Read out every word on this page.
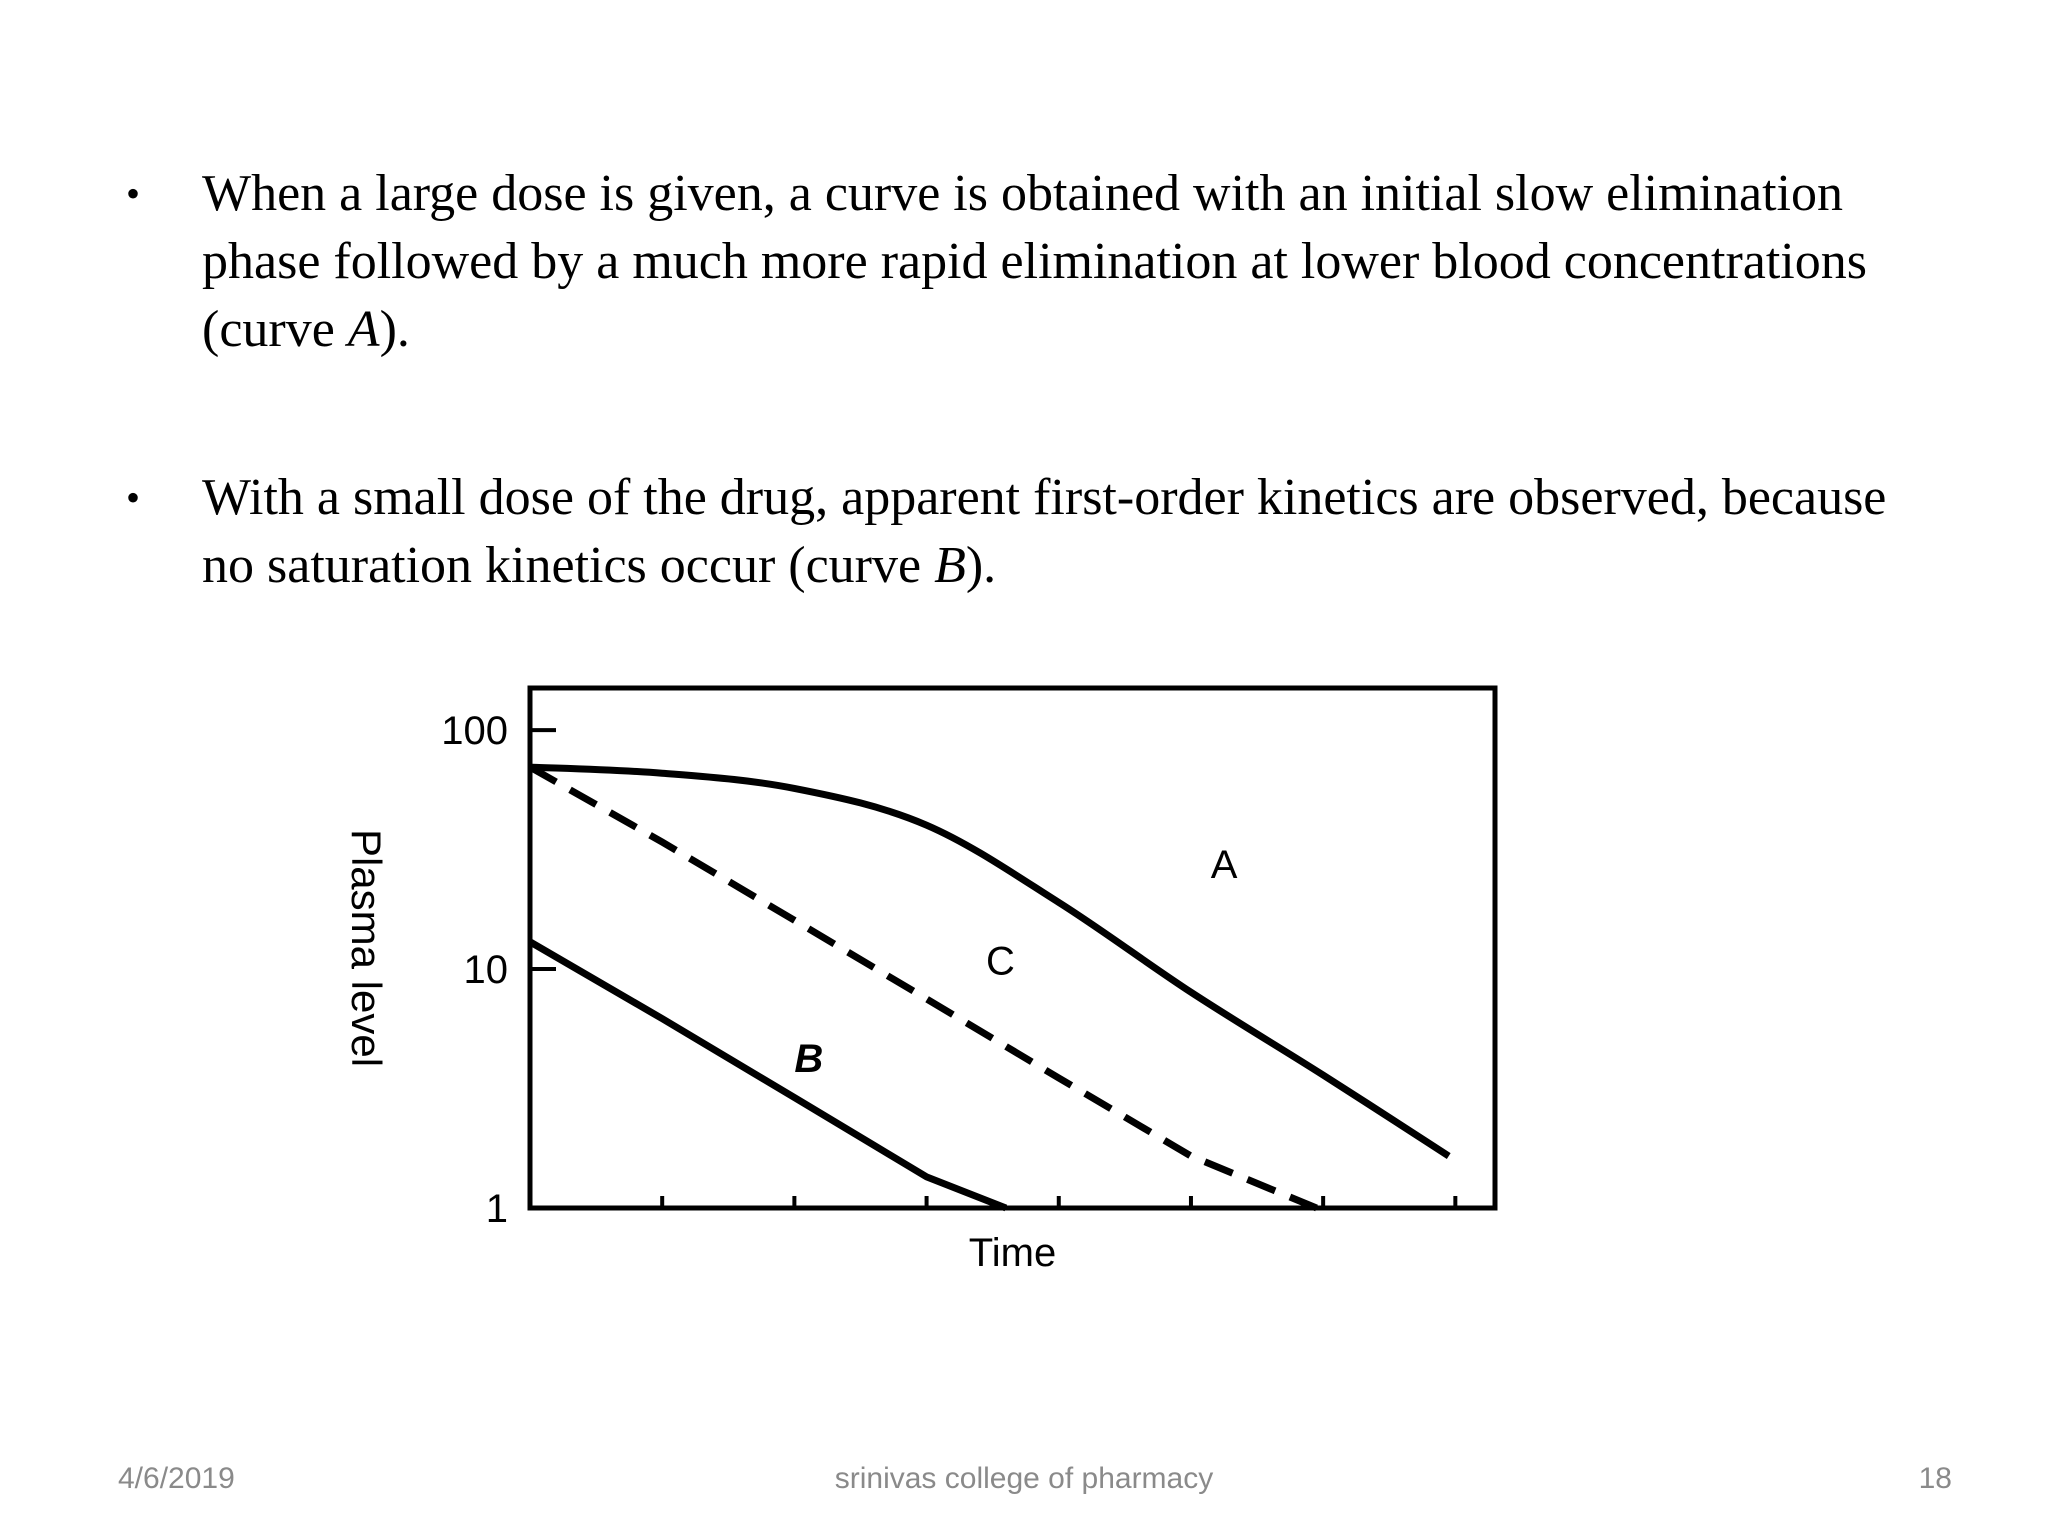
• When a large dose is given, a curve is obtained with an initial slow elimination phase followed by a much more rapid elimination at lower blood concentrations (curve A).
• With a small dose of the drug, apparent first-order kinetics are observed, because no saturation kinetics occur (curve B).
100
10
1
A
C
B
Plasma level
Time
4/6/2019	srinivas college of pharmacy	18
